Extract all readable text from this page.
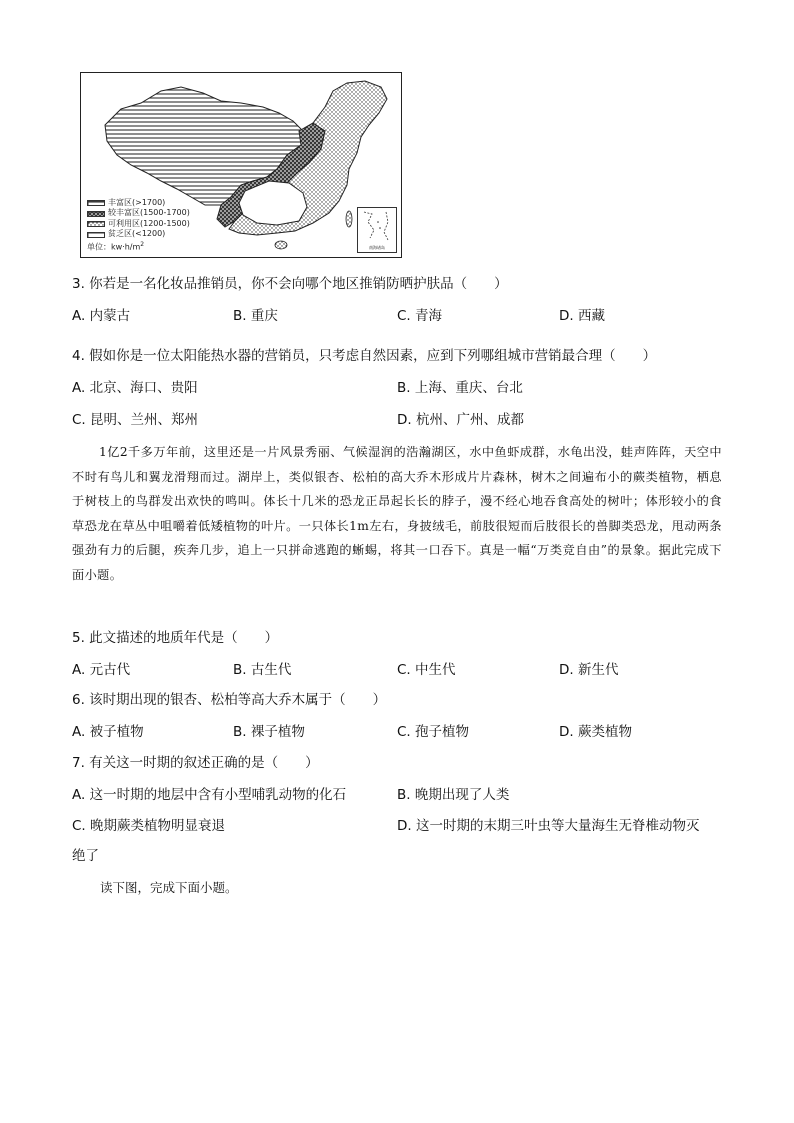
丰富区(>1700)
较丰富区(1500-1700)
可利用区(1200-1500)
贫乏区(<1200)
单位：$kw\cdot h/m^2$	南海诸岛
3. 你若是一名化妆品推销员，你不会向哪个地区推销防晒护肤品（　　）
A. 内蒙古	B. 重庆	C. 青海	D. 西藏
4. 假如你是一位太阳能热水器的营销员，只考虑自然因素，应到下列哪组城市营销最合理（　　）
A. 北京、海口、贵阳	B. 上海、重庆、台北
C. 昆明、兰州、郑州	D. 杭州、广州、成都
1亿2千多万年前，这里还是一片风景秀丽、气候湿润的浩瀚湖区，水中鱼虾成群，水龟出没，蛙声阵阵，天空中不时有鸟儿和翼龙滑翔而过。湖岸上，类似银杏、松柏的高大乔木形成片片森林，树木之间遍布小的蕨类植物，栖息于树枝上的鸟群发出欢快的鸣叫。体长十几米的恐龙正昂起长长的脖子，漫不经心地吞食高处的树叶；体形较小的食草恐龙在草丛中咀嚼着低矮植物的叶片。一只体长1m左右，身披绒毛，前肢很短而后肢很长的兽脚类恐龙，甩动两条强劲有力的后腿，疾奔几步，追上一只拼命逃跑的蜥蜴，将其一口吞下。真是一幅“万类竞自由”的景象。据此完成下面小题。
5. 此文描述的地质年代是（　　）
A. 元古代	B. 古生代	C. 中生代	D. 新生代
6. 该时期出现的银杏、松柏等高大乔木属于（　　）
A. 被子植物	B. 裸子植物	C. 孢子植物	D. 蕨类植物
7. 有关这一时期的叙述正确的是（　　）
A. 这一时期的地层中含有小型哺乳动物的化石	B. 晚期出现了人类
C. 晚期蕨类植物明显衰退	D. 这一时期的末期三叶虫等大量海生无脊椎动物灭
绝了
读下图，完成下面小题。
